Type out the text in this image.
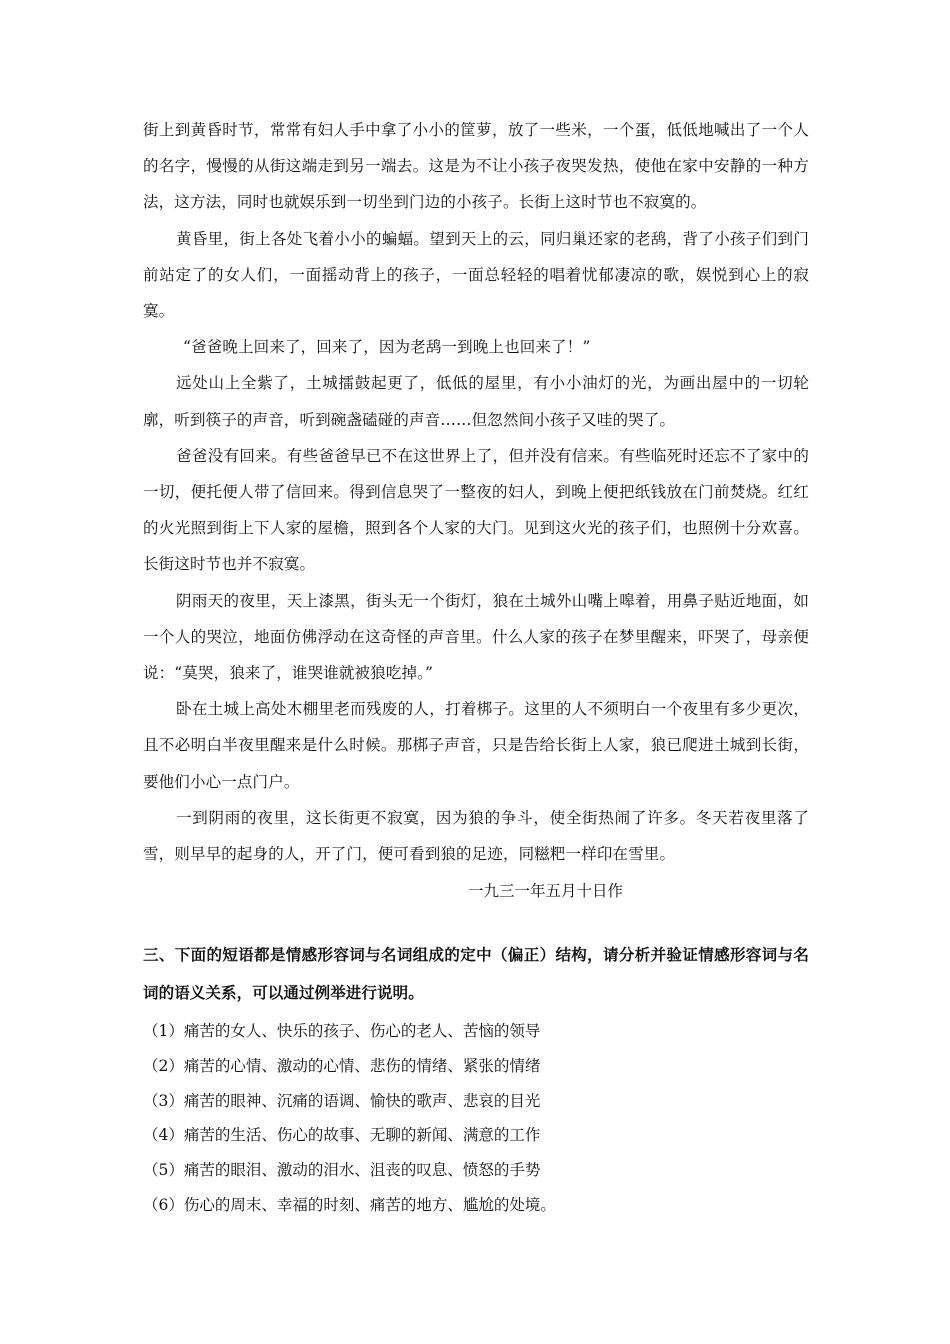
街上到黄昏时节，常常有妇人手中拿了小小的筐萝，放了一些米，一个蛋，低低地喊出了一个人的名字，慢慢的从街这端走到另一端去。这是为不让小孩子夜哭发热，使他在家中安静的一种方法，这方法，同时也就娱乐到一切坐到门边的小孩子。长街上这时节也不寂寞的。

黄昏里，街上各处飞着小小的蝙蝠。望到天上的云，同归巢还家的老鸹，背了小孩子们到门前站定了的女人们，一面摇动背上的孩子，一面总轻轻的唱着忧郁凄凉的歌，娱悦到心上的寂寞。

“爸爸晚上回来了，回来了，因为老鸹一到晚上也回来了！”

远处山上全紫了，土城擂鼓起更了，低低的屋里，有小小油灯的光，为画出屋中的一切轮廓，听到筷子的声音，听到碗盏磕碰的声音……但忽然间小孩子又哇的哭了。

爸爸没有回来。有些爸爸早已不在这世界上了，但并没有信来。有些临死时还忘不了家中的一切，便托便人带了信回来。得到信息哭了一整夜的妇人，到晚上便把纸钱放在门前焚烧。红红的火光照到街上下人家的屋檐，照到各个人家的大门。见到这火光的孩子们，也照例十分欢喜。长街这时节也并不寂寞。

阴雨天的夜里，天上漆黑，街头无一个街灯，狼在土城外山嘴上嗥着，用鼻子贴近地面，如一个人的哭泣，地面仿佛浮动在这奇怪的声音里。什么人家的孩子在梦里醒来，吓哭了，母亲便说：“莫哭，狼来了，谁哭谁就被狼吃掉。”

卧在土城上高处木棚里老而残废的人，打着梆子。这里的人不须明白一个夜里有多少更次，且不必明白半夜里醒来是什么时候。那梆子声音，只是告给长街上人家，狼已爬进土城到长街，要他们小心一点门户。

一到阴雨的夜里，这长街更不寂寞，因为狼的争斗，使全街热闹了许多。冬天若夜里落了雪，则早早的起身的人，开了门，便可看到狼的足迹，同糍粑一样印在雪里。

一九三一年五月十日作

三、下面的短语都是情感形容词与名词组成的定中（偏正）结构，请分析并验证情感形容词与名词的语义关系，可以通过例举进行说明。

（1）痛苦的女人、快乐的孩子、伤心的老人、苦恼的领导
（2）痛苦的心情、激动的心情、悲伤的情绪、紧张的情绪
（3）痛苦的眼神、沉痛的语调、愉快的歌声、悲哀的目光
（4）痛苦的生活、伤心的故事、无聊的新闻、满意的工作
（5）痛苦的眼泪、激动的泪水、沮丧的叹息、愤怒的手势
（6）伤心的周末、幸福的时刻、痛苦的地方、尴尬的处境。
